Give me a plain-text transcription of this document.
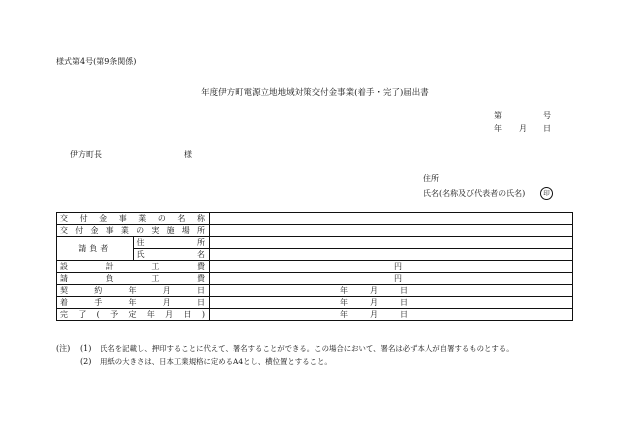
様式第4号(第9条関係)
年度伊方町電源立地地域対策交付金事業(着手・完了)届出書
第	号
年 月 日
伊方町長	様
住所
氏名(名称及び代表者の氏名)	印
交付金事業の名称		
交付金事業の実施場所		
請負者	住所	
	氏名	
設計工費		円
請負工費		円
契約年月日		年 月 日
着手年月日		年 月 日
完了(予定年月日)		年 月 日
(注) (1) 氏名を記載し、押印することに代えて、署名することができる。この場合において、署名は必ず本人が自署するものとする。
(2) 用紙の大きさは、日本工業規格に定めるA4とし、横位置とすること。
